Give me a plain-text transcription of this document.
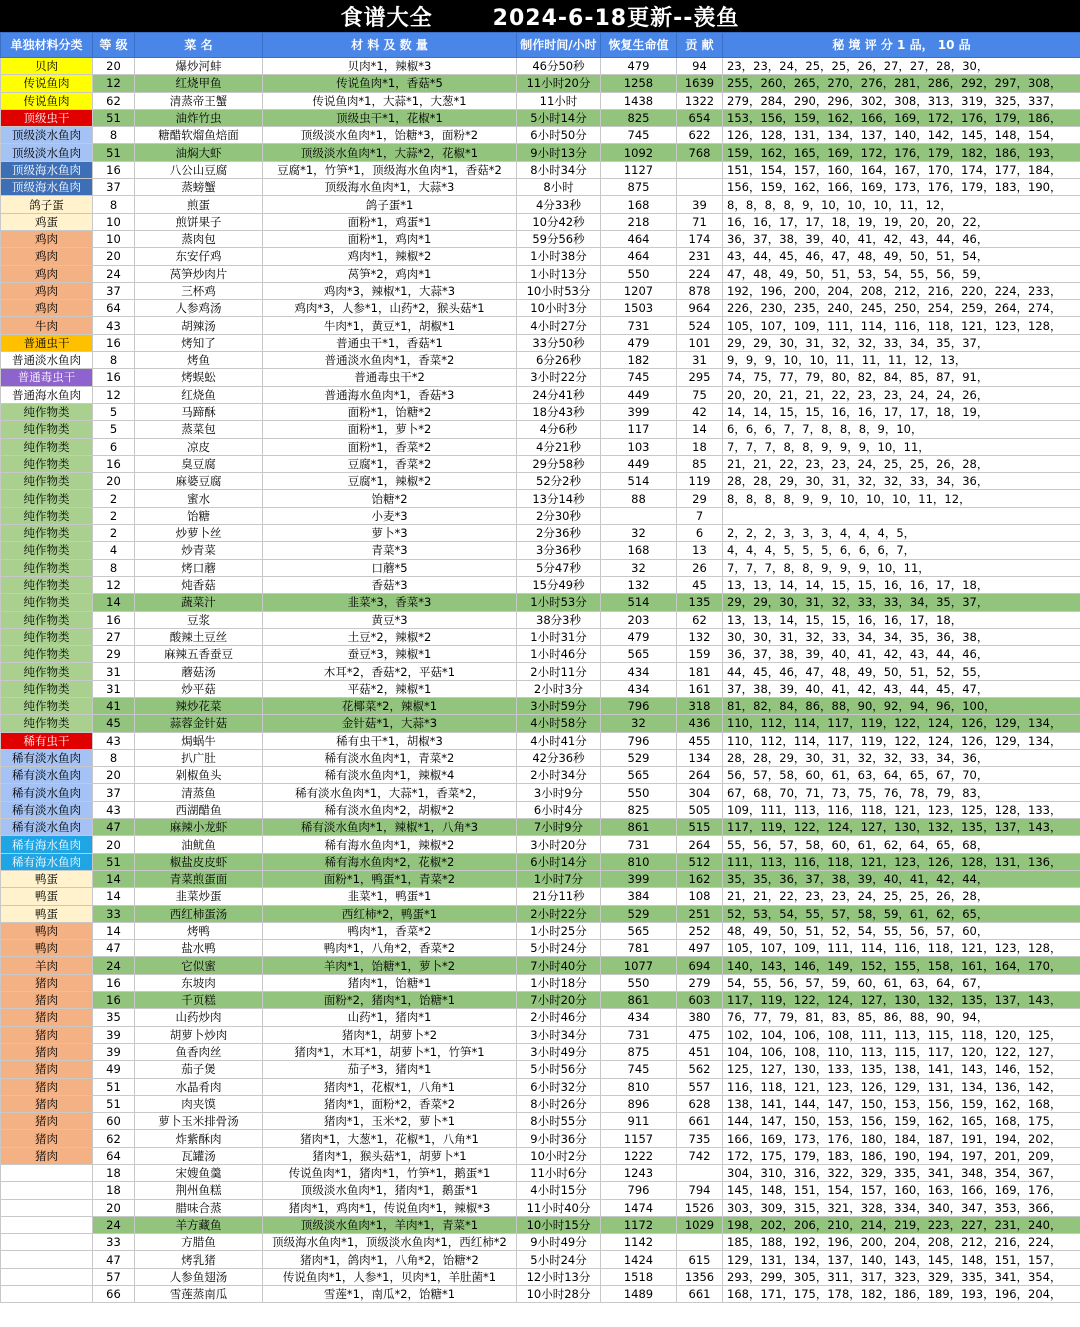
食谱大全	2024-6-18更新--羡鱼
单独材料分类	等 级	菜 名	材 料 及 数 量	制作时间/小时	恢复生命值	贡 献	秘 境 评 分 1 品， 10 品
贝肉	20	爆炒河蚌	贝肉*1，辣椒*3	46分50秒	479	94	23，23，24，25，25，26，27，27，28，30，
传说鱼肉	12	红烧甲鱼	传说鱼肉*1，香菇*5	11小时20分	1258	1639	255，260，265，270，276，281，286，292，297，308，
传说鱼肉	62	清蒸帝王蟹	传说鱼肉*1，大蒜*1，大葱*1	11小时	1438	1322	279，284，290，296，302，308，313，319，325，337，
顶级虫干	51	油炸竹虫	顶级虫干*1，花椒*1	5小时14分	825	654	153，156，159，162，166，169，172，176，179，186，
顶级淡水鱼肉	8	糖醋软熘鱼焙面	顶级淡水鱼肉*1，饴糖*3，面粉*2	6小时50分	745	622	126，128，131，134，137，140，142，145，148，154，
顶级淡水鱼肉	51	油焖大虾	顶级淡水鱼肉*1，大蒜*2，花椒*1	9小时13分	1092	768	159，162，165，169，172，176，179，182，186，193，
顶级海水鱼肉	16	八公山豆腐	豆腐*1，竹笋*1，顶级海水鱼肉*1，香菇*2	8小时34分	1127		151，154，157，160，164，167，170，174，177，184，
顶级海水鱼肉	37	蒸螃蟹	顶级海水鱼肉*1，大蒜*3	8小时	875		156，159，162，166，169，173，176，179，183，190，
鸽子蛋	8	煎蛋	鸽子蛋*1	4分33秒	168	39	8，8，8，8，9，10，10，10，11，12，
鸡蛋	10	煎饼果子	面粉*1，鸡蛋*1	10分42秒	218	71	16，16，17，17，18，19，19，20，20，22，
鸡肉	10	蒸肉包	面粉*1，鸡肉*1	59分56秒	464	174	36，37，38，39，40，41，42，43，44，46，
鸡肉	20	东安仔鸡	鸡肉*1，辣椒*2	1小时38分	464	231	43，44，45，46，47，48，49，50，51，54，
鸡肉	24	莴笋炒肉片	莴笋*2，鸡肉*1	1小时13分	550	224	47，48，49，50，51，53，54，55，56，59，
鸡肉	37	三杯鸡	鸡肉*3，辣椒*1，大蒜*3	10小时53分	1207	878	192，196，200，204，208，212，216，220，224，233，
鸡肉	64	人参鸡汤	鸡肉*3，人参*1，山药*2，猴头菇*1	10小时3分	1503	964	226，230，235，240，245，250，254，259，264，274，
牛肉	43	胡辣汤	牛肉*1，黄豆*1，胡椒*1	4小时27分	731	524	105，107，109，111，114，116，118，121，123，128，
普通虫干	16	烤知了	普通虫干*1，香菇*1	33分50秒	479	101	29，29，30，31，32，32，33，34，35，37，
普通淡水鱼肉	8	烤鱼	普通淡水鱼肉*1，香菜*2	6分26秒	182	31	9，9，9，10，10，11，11，11，12，13，
普通毒虫干	16	烤蜈蚣	普通毒虫干*2	3小时22分	745	295	74，75，77，79，80，82，84，85，87，91，
普通海水鱼肉	12	红烧鱼	普通海水鱼肉*1，香菇*3	24分41秒	449	75	20，20，21，21，22，23，23，24，24，26，
纯作物类	5	马蹄酥	面粉*1，饴糖*2	18分43秒	399	42	14，14，15，15，16，16，17，17，18，19，
纯作物类	5	蒸菜包	面粉*1，萝卜*2	4分6秒	117	14	6，6，6，7，7，8，8，8，9，10，
纯作物类	6	凉皮	面粉*1，香菜*2	4分21秒	103	18	7，7，7，8，8，9，9，9，10，11，
纯作物类	16	臭豆腐	豆腐*1，香菜*2	29分58秒	449	85	21，21，22，23，23，24，25，25，26，28，
纯作物类	20	麻婆豆腐	豆腐*1，辣椒*2	52分2秒	514	119	28，28，29，30，31，32，32，33，34，36，
纯作物类	2	蜜水	饴糖*2	13分14秒	88	29	8，8，8，8，9，9，10，10，10，11，12，
纯作物类	2	饴糖	小麦*3	2分30秒		7	
纯作物类	2	炒萝卜丝	萝卜*3	2分36秒	32	6	2，2，2，3，3，3，4，4，4，5，
纯作物类	4	炒青菜	青菜*3	3分36秒	168	13	4，4，4，5，5，5，6，6，6，7，
纯作物类	8	烤口蘑	口蘑*5	5分47秒	32	26	7，7，7，8，8，9，9，9，10，11，
纯作物类	12	炖香菇	香菇*3	15分49秒	132	45	13，13，14，14，15，15，16，16，17，18，
纯作物类	14	蔬菜汁	韭菜*3，香菜*3	1小时53分	514	135	29，29，30，31，32，33，33，34，35，37，
纯作物类	16	豆浆	黄豆*3	38分3秒	203	62	13，13，14，15，15，16，16，17，18，
纯作物类	27	酸辣土豆丝	土豆*2，辣椒*2	1小时31分	479	132	30，30，31，32，33，34，34，35，36，38，
纯作物类	29	麻辣五香蚕豆	蚕豆*3，辣椒*1	1小时46分	565	159	36，37，38，39，40，41，42，43，44，46，
纯作物类	31	蘑菇汤	木耳*2，香菇*2，平菇*1	2小时11分	434	181	44，45，46，47，48，49，50，51，52，55，
纯作物类	31	炒平菇	平菇*2，辣椒*1	2小时3分	434	161	37，38，39，40，41，42，43，44，45，47，
纯作物类	41	辣炒花菜	花椰菜*2，辣椒*1	3小时59分	796	318	81，82，84，86，88，90，92，94，96，100，
纯作物类	45	蒜蓉金针菇	金针菇*1，大蒜*3	4小时58分	32	436	110，112，114，117，119，122，124，126，129，134，
稀有虫干	43	焗蜗牛	稀有虫干*1，胡椒*3	4小时41分	796	455	110，112，114，117，119，122，124，126，129，134，
稀有淡水鱼肉	8	扒广肚	稀有淡水鱼肉*1，青菜*2	42分36秒	529	134	28，28，29，30，31，32，32，33，34，36，
稀有淡水鱼肉	20	剁椒鱼头	稀有淡水鱼肉*1，辣椒*4	2小时34分	565	264	56，57，58，60，61，63，64，65，67，70，
稀有淡水鱼肉	37	清蒸鱼	稀有淡水鱼肉*1，大蒜*1，香菜*2，	3小时9分	550	304	67，68，70，71，73，75，76，78，79，83，
稀有淡水鱼肉	43	西湖醋鱼	稀有淡水鱼肉*2，胡椒*2	6小时4分	825	505	109，111，113，116，118，121，123，125，128，133，
稀有淡水鱼肉	47	麻辣小龙虾	稀有淡水鱼肉*1，辣椒*1，八角*3	7小时9分	861	515	117，119，122，124，127，130，132，135，137，143，
稀有海水鱼肉	20	油鱿鱼	稀有海水鱼肉*1，辣椒*2	3小时20分	731	264	55，56，57，58，60，61，62，64，65，68，
稀有海水鱼肉	51	椒盐皮皮虾	稀有海水鱼肉*2，花椒*2	6小时14分	810	512	111，113，116，118，121，123，126，128，131，136，
鸭蛋	14	青菜煎蛋面	面粉*1，鸭蛋*1，青菜*2	1小时7分	399	162	35，35，36，37，38，39，40，41，42，44，
鸭蛋	14	韭菜炒蛋	韭菜*1，鸭蛋*1	21分11秒	384	108	21，21，22，23，23，24，25，25，26，28，
鸭蛋	33	西红柿蛋汤	西红柿*2，鸭蛋*1	2小时22分	529	251	52，53，54，55，57，58，59，61，62，65，
鸭肉	14	烤鸭	鸭肉*1，香菜*2	1小时25分	565	252	48，49，50，51，52，54，55，56，57，60，
鸭肉	47	盐水鸭	鸭肉*1，八角*2，香菜*2	5小时24分	781	497	105，107，109，111，114，116，118，121，123，128，
羊肉	24	它似蜜	羊肉*1，饴糖*1，萝卜*2	7小时40分	1077	694	140，143，146，149，152，155，158，161，164，170，
猪肉	16	东坡肉	猪肉*1，饴糖*1	1小时18分	550	279	54，55，56，57，59，60，61，63，64，67，
猪肉	16	千页糕	面粉*2，猪肉*1，饴糖*1	7小时20分	861	603	117，119，122，124，127，130，132，135，137，143，
猪肉	35	山药炒肉	山药*1，猪肉*1	2小时46分	434	380	76，77，79，81，83，85，86，88，90，94，
猪肉	39	胡萝卜炒肉	猪肉*1，胡萝卜*2	3小时34分	731	475	102，104，106，108，111，113，115，118，120，125，
猪肉	39	鱼香肉丝	猪肉*1，木耳*1，胡萝卜*1，竹笋*1	3小时49分	875	451	104，106，108，110，113，115，117，120，122，127，
猪肉	49	茄子煲	茄子*3，猪肉*1	5小时56分	745	562	125，127，130，133，135，138，141，143，146，152，
猪肉	51	水晶肴肉	猪肉*1，花椒*1，八角*1	6小时32分	810	557	116，118，121，123，126，129，131，134，136，142，
猪肉	51	肉夹馍	猪肉*1，面粉*2，香菜*2	8小时26分	896	628	138，141，144，147，150，153，156，159，162，168，
猪肉	60	萝卜玉米排骨汤	猪肉*1，玉米*2，萝卜*1	8小时55分	911	661	144，147，150，153，156，159，162，165，168，175，
猪肉	62	炸紫酥肉	猪肉*1，大葱*1，花椒*1，八角*1	9小时36分	1157	735	166，169，173，176，180，184，187，191，194，202，
猪肉	64	瓦罐汤	猪肉*1，猴头菇*1，胡萝卜*1	10小时2分	1222	742	172，175，179，183，186，190，194，197，201，209，
	18	宋嫂鱼羹	传说鱼肉*1，猪肉*1，竹笋*1，鹅蛋*1	11小时6分	1243		304，310，316，322，329，335，341，348，354，367，
	18	荆州鱼糕	顶级淡水鱼肉*1，猪肉*1，鹅蛋*1	4小时15分	796	794	145，148，151，154，157，160，163，166，169，176，
	20	腊味合蒸	猪肉*1，鸡肉*1，传说鱼肉*1，辣椒*3	11小时40分	1474	1526	303，309，315，321，328，334，340，347，353，366，
	24	羊方藏鱼	顶级淡水鱼肉*1，羊肉*1，青菜*1	10小时15分	1172	1029	198，202，206，210，214，219，223，227，231，240，
	33	方腊鱼	顶级海水鱼肉*1，顶级淡水鱼肉*1，西红柿*2	9小时49分	1142		185，188，192，196，200，204，208，212，216，224，
	47	烤乳猪	猪肉*1，鸽肉*1，八角*2，饴糖*2	5小时24分	1424	615	129，131，134，137，140，143，145，148，151，157，
	57	人参鱼翅汤	传说鱼肉*1，人参*1，贝肉*1，羊肚菌*1	12小时13分	1518	1356	293，299，305，311，317，323，329，335，341，354，
	66	雪莲蒸南瓜	雪莲*1，南瓜*2，饴糖*1	10小时28分	1489	661	168，171，175，178，182，186，189，193，196，204，
